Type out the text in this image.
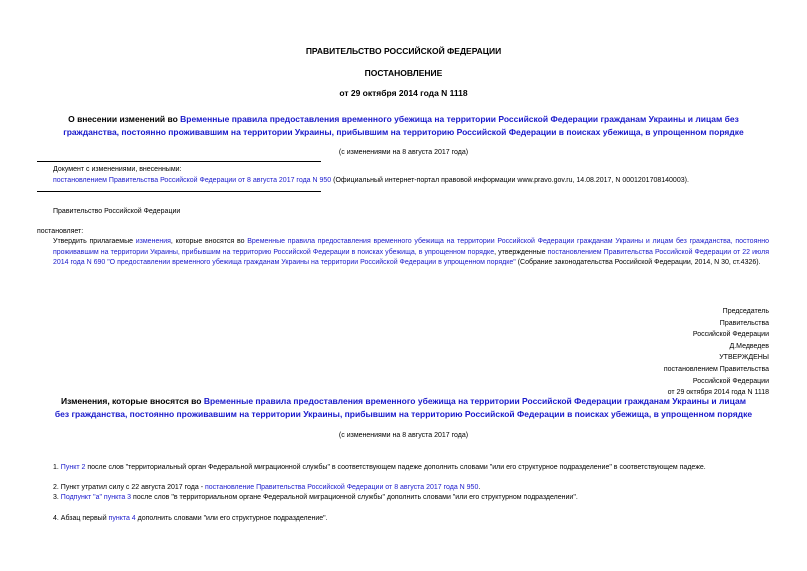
ПРАВИТЕЛЬСТВО РОССИЙСКОЙ ФЕДЕРАЦИИ
ПОСТАНОВЛЕНИЕ
от 29 октября 2014 года N 1118
О внесении изменений во Временные правила предоставления временного убежища на территории Российской Федерации гражданам Украины и лицам без
гражданства, постоянно проживавшим на территории Украины, прибывшим на территорию Российской Федерации в поисках убежища, в упрощенном порядке
(с изменениями на 8 августа 2017 года)
Документ с изменениями, внесенными:
постановлением Правительства Российской Федерации от 8 августа 2017 года N 950 (Официальный интернет-портал правовой информации www.pravo.gov.ru, 14.08.2017, N 0001201708140003).
Правительство Российской Федерации
постановляет:
Утвердить прилагаемые изменения, которые вносятся во Временные правила предоставления временного убежища на территории Российской Федерации гражданам Украины и лицам без гражданства, постоянно проживавшим на территории Украины, прибывшим на территорию Российской Федерации в поисках убежища, в упрощенном порядке, утвержденные постановлением Правительства Российской Федерации от 22 июля 2014 года N 690 "О предоставлении временного убежища гражданам Украины на территории Российской Федерации в упрощенном порядке" (Собрание законодательства Российской Федерации, 2014, N 30, ст.4326).
Председатель
Правительства
Российской Федерации
Д.Медведев
УТВЕРЖДЕНЫ
постановлением Правительства
Российской Федерации
от 29 октября 2014 года N 1118
Изменения, которые вносятся во Временные правила предоставления временного убежища на территории Российской Федерации гражданам Украины и лицам
без гражданства, постоянно проживавшим на территории Украины, прибывшим на территорию Российской Федерации в поисках убежища, в упрощенном порядке
(с изменениями на 8 августа 2017 года)
1. Пункт 2 после слов "территориальный орган Федеральной миграционной службы" в соответствующем падеже дополнить словами "или его структурное подразделение" в соответствующем падеже.
2. Пункт утратил силу с 22 августа 2017 года - постановление Правительства Российской Федерации от 8 августа 2017 года N 950.
3. Подпункт "а" пункта 3 после слов "в территориальном органе Федеральной миграционной службы" дополнить словами "или его структурном подразделении".
4. Абзац первый пункта 4 дополнить словами "или его структурное подразделение".
